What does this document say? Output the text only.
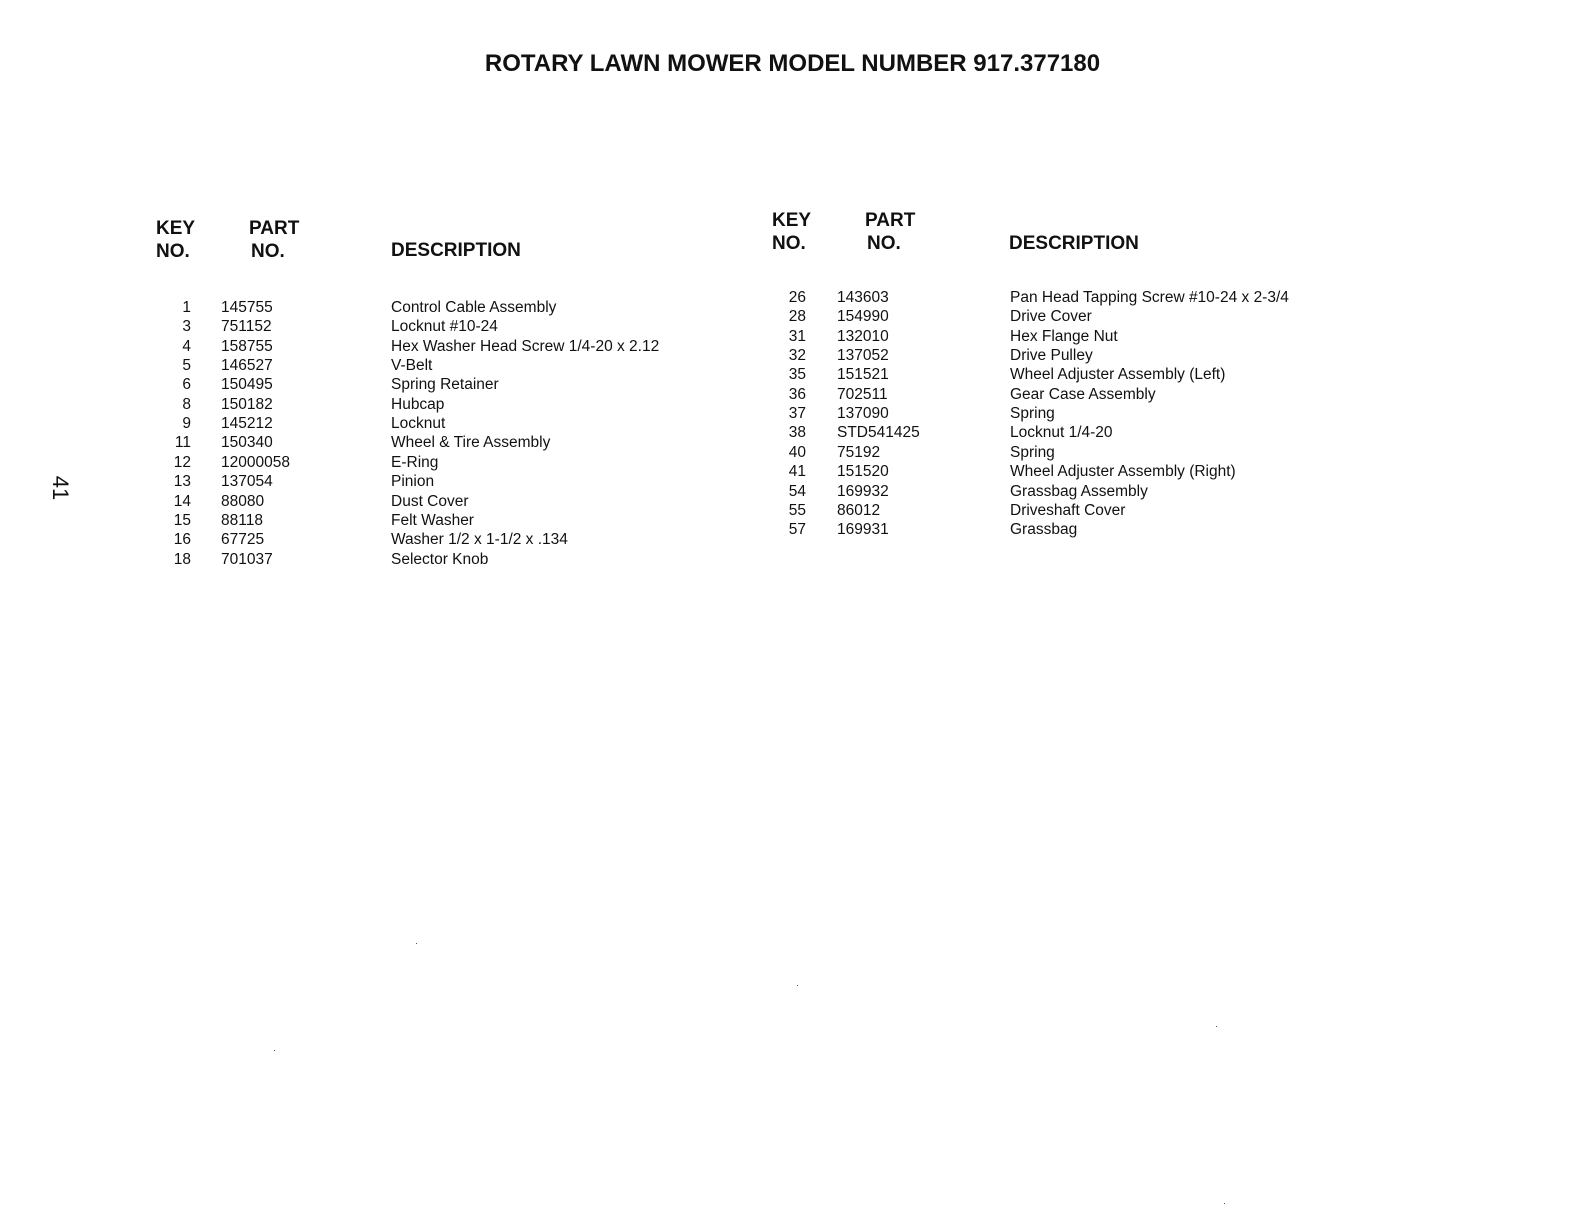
ROTARY LAWN MOWER MODEL NUMBER 917.377180
41
KEY
NO.
PART
NO.	DESCRIPTION
1 145755	Control Cable Assembly
3 751152	Locknut #10-24
4 158755	Hex Washer Head Screw 1/4-20 x 2.12
5 146527	V-Belt
6 150495	Spring Retainer
8 150182	Hubcap
9 145212	Locknut
11 150340	Wheel & Tire Assembly
12 12000058	E-Ring
13 137054	Pinion
14 88080	Dust Cover
15 88118	Felt Washer
16 67725	Washer 1/2 x 1-1/2 x .134
18 701037	Selector Knob
KEY
NO.
PART
NO.	DESCRIPTION
26 143603	Pan Head Tapping Screw #10-24 x 2-3/4
28 154990	Drive Cover
31 132010	Hex Flange Nut
32 137052	Drive Pulley
35 151521	Wheel Adjuster Assembly (Left)
36 702511	Gear Case Assembly
37 137090	Spring
38 STD541425	Locknut 1/4-20
40 75192	Spring
41 151520	Wheel Adjuster Assembly (Right)
54 169932	Grassbag Assembly
55 86012	Driveshaft Cover
57 169931	Grassbag
